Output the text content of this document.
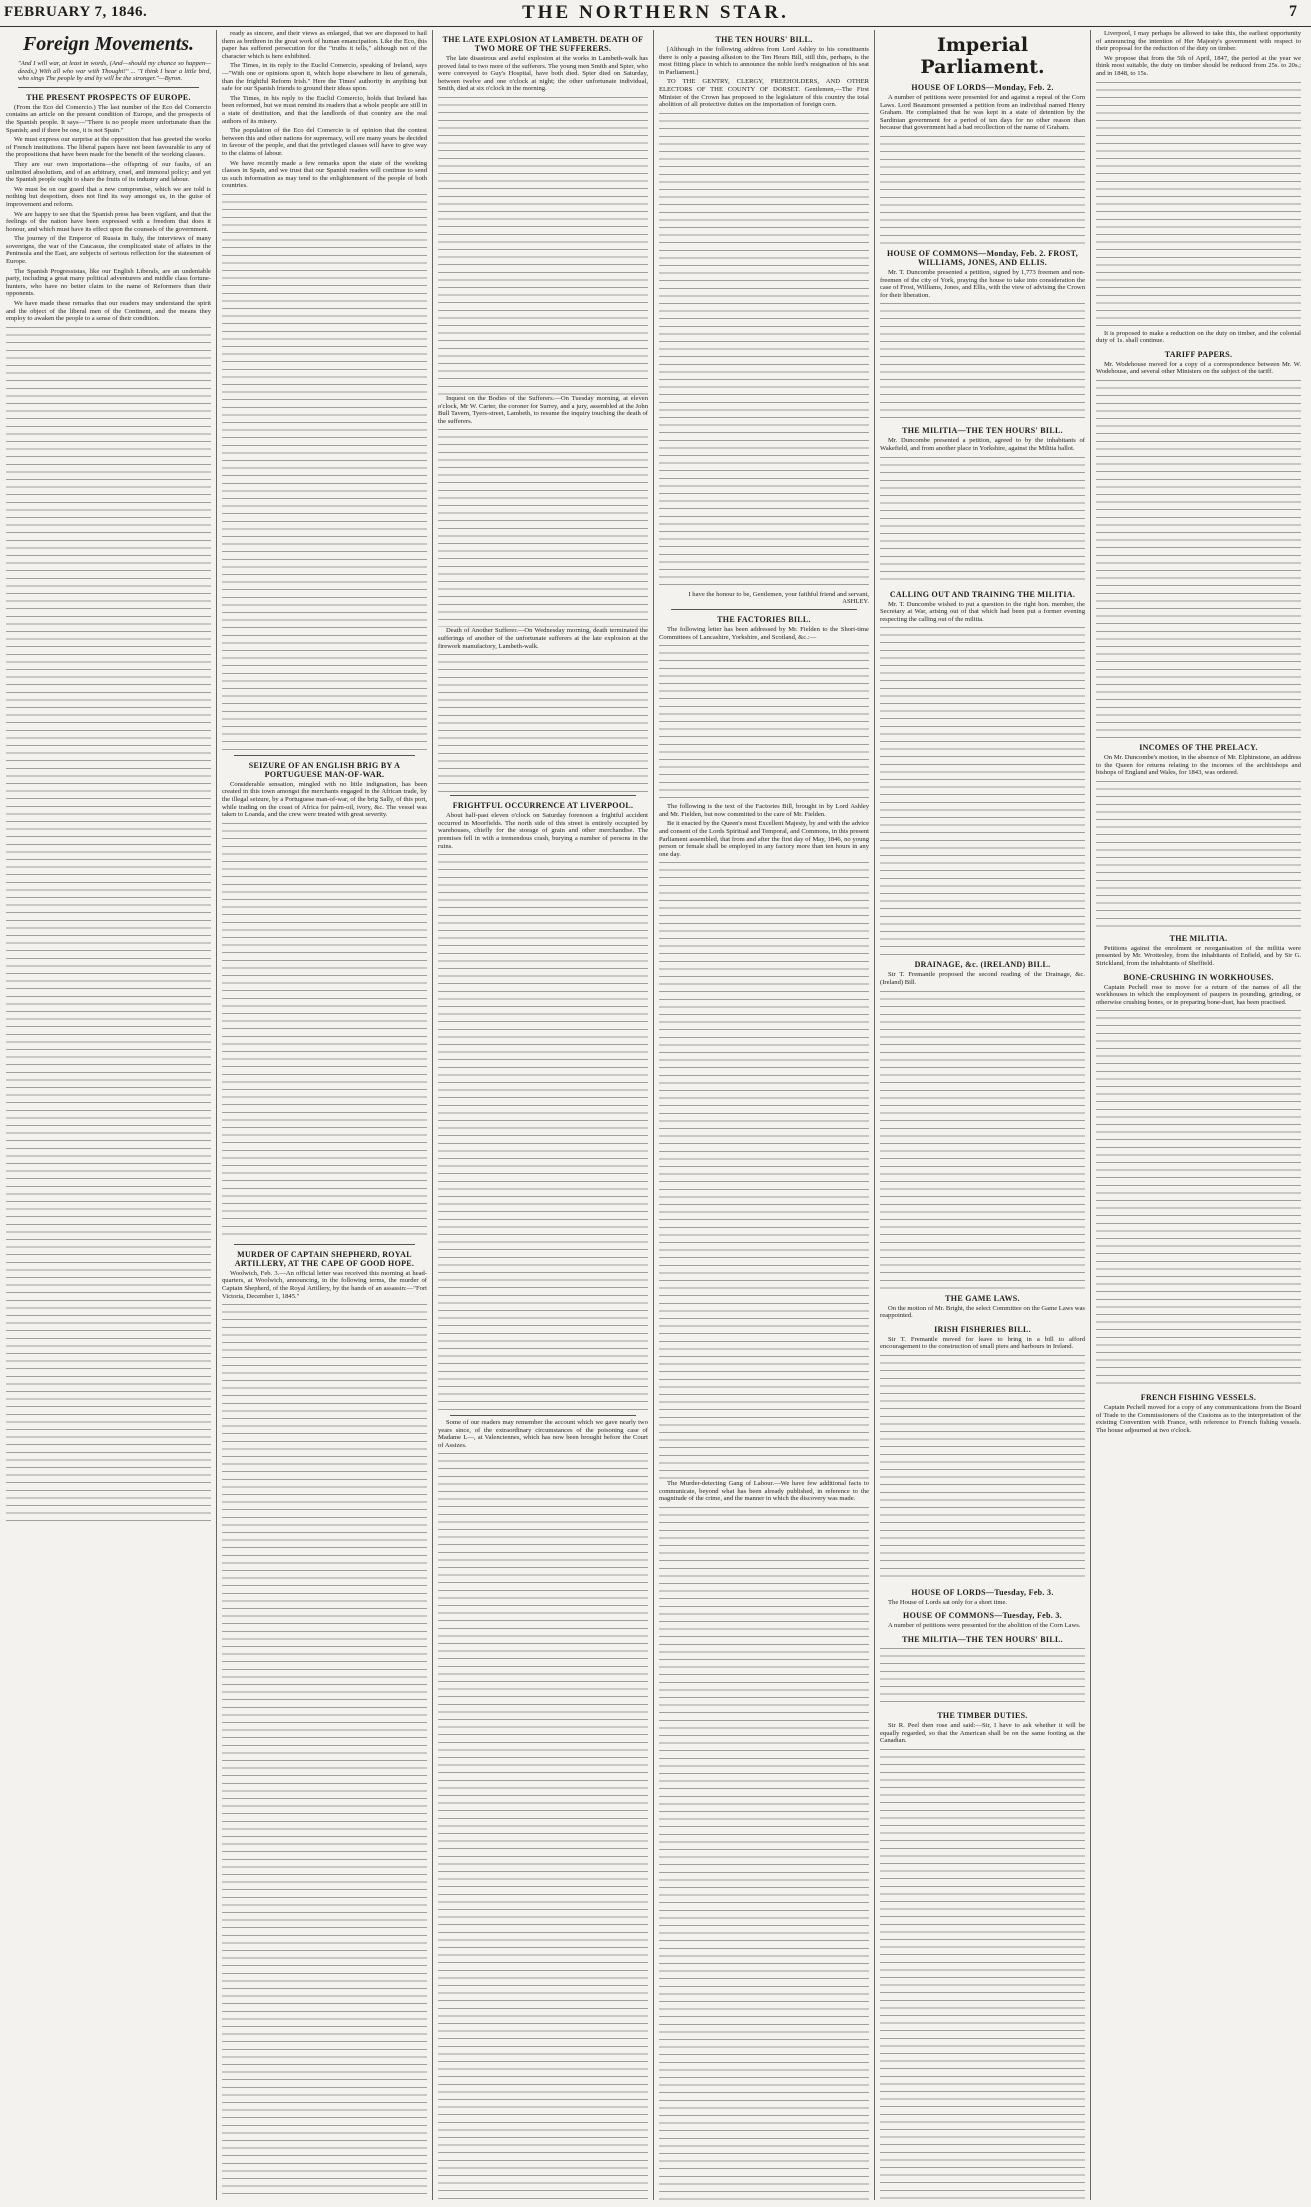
FEBRUARY 7, 1846.	THE NORTHERN STAR.	7
Foreign Movements.

"And I will war, at least in words, (And—should my chance so happen—deeds,) With all who war with Thought!" ... "I think I hear a little bird, who sings The people by and by will be the stronger."—Byron.

THE PRESENT PROSPECTS OF EUROPE.

(From the Eco del Comercio.) The last number of the Eco del Comercio contains an article on the present condition of Europe, and the prospects of the Spanish people. It says—"There is no people more unfortunate than the Spanish; and if there be one, it is not Spain."

We must express our surprise at the opposition that has greeted the works of French institutions. The liberal papers have not been favourable to any of the propositions that have been made for the benefit of the working classes.

They are our own importations—the offspring of our faults, of an unlimited absolutism, and of an arbitrary, cruel, and immoral policy; and yet the Spanish people ought to share the fruits of its industry and labour.

We must be on our guard that a new compromise, which we are told is nothing but despotism, does not find its way amongst us, in the guise of improvement and reform.

We are happy to see that the Spanish press has been vigilant, and that the feelings of the nation have been expressed with a freedom that does it honour, and which must have its effect upon the counsels of the government.

The journey of the Emperor of Russia in Italy, the interviews of many sovereigns, the war of the Caucasus, the complicated state of affairs in the Peninsula and the East, are subjects of serious reflection for the statesmen of Europe.

The Spanish Progressistas, like our English Liberals, are an undeniable party, including a great many political adventurers and middle class fortune-hunters, who have no better claim to the name of Reformers than their opponents.

We have made these remarks that our readers may understand the spirit and the object of the liberal men of the Continent, and the means they employ to awaken the people to a sense of their condition.

ready as sincere, and their views as enlarged, that we are disposed to hail them as brethren in the great work of human emancipation. Like the Eco, this paper has suffered persecution for the "truths it tells," although not of the character which is here exhibited.

The Times, in its reply to the Euclid Comercio, speaking of Ireland, says—"With one or opinions upon it, which hope elsewhere in lieu of generals, than the frightful Reform Irish." Here the Times' authority in anything but safe for our Spanish friends to ground their ideas upon.

The Times, in his reply to the Euclid Comercio, holds that Ireland has been reformed, but we must remind its readers that a whole people are still in a state of destitution, and that the landlords of that country are the real authors of its misery.

The population of the Eco del Comercio is of opinion that the contest between this and other nations for supremacy, will ere many years be decided in favour of the people, and that the privileged classes will have to give way to the claims of labour.

We have recently made a few remarks upon the state of the working classes in Spain, and we trust that our Spanish readers will continue to send us such information as may tend to the enlightenment of the people of both countries.

SEIZURE OF AN ENGLISH BRIG BY A PORTUGUESE MAN-OF-WAR.

Considerable sensation, mingled with no little indignation, has been created in this town amongst the merchants engaged in the African trade, by the illegal seizure, by a Portuguese man-of-war, of the brig Sally, of this port, while trading on the coast of Africa for palm-oil, ivory, &c. The vessel was taken to Loanda, and the crew were treated with great severity.

MURDER OF CAPTAIN SHEPHERD, ROYAL ARTILLERY, AT THE CAPE OF GOOD HOPE.

Woolwich, Feb. 3.—An official letter was received this morning at head-quarters, at Woolwich, announcing, in the following terms, the murder of Captain Shepherd, of the Royal Artillery, by the hands of an assassin:—"Fort Victoria, December 1, 1845."

THE LATE EXPLOSION AT LAMBETH. DEATH OF TWO MORE OF THE SUFFERERS.

The late disastrous and awful explosion at the works in Lambeth-walk has proved fatal to two more of the sufferers. The young men Smith and Spier, who were conveyed to Guy's Hospital, have both died. Spier died on Saturday, between twelve and one o'clock at night; the other unfortunate individual, Smith, died at six o'clock in the morning.

Inquest on the Bodies of the Sufferers.—On Tuesday morning, at eleven o'clock, Mr W. Carter, the coroner for Surrey, and a jury, assembled at the John Bull Tavern, Tyers-street, Lambeth, to resume the inquiry touching the death of the sufferers.

Death of Another Sufferer.—On Wednesday morning, death terminated the sufferings of another of the unfortunate sufferers at the late explosion at the firework manufactory, Lambeth-walk.

FRIGHTFUL OCCURRENCE AT LIVERPOOL.

About half-past eleven o'clock on Saturday forenoon a frightful accident occurred in Moorfields. The north side of this street is entirely occupied by warehouses, chiefly for the storage of grain and other merchandise. The premises fell in with a tremendous crash, burying a number of persons in the ruins.

Some of our readers may remember the account which we gave nearly two years since, of the extraordinary circumstances of the poisoning case of Madame L—, at Valenciennes, which has now been brought before the Court of Assizes.

THE TEN HOURS' BILL.

[Although in the following address from Lord Ashley to his constituents there is only a passing allusion to the Ten Hours Bill, still this, perhaps, is the most fitting place in which to announce the noble lord's resignation of his seat in Parliament.]

TO THE GENTRY, CLERGY, FREEHOLDERS, AND OTHER ELECTORS OF THE COUNTY OF DORSET. Gentlemen,—The First Minister of the Crown has proposed to the legislature of this country the total abolition of all protective duties on the importation of foreign corn.

I have the honour to be, Gentlemen, your faithful friend and servant, ASHLEY.

THE FACTORIES BILL.

The following letter has been addressed by Mr. Fielden to the Short-time Committees of Lancashire, Yorkshire, and Scotland, &c.:—

The following is the text of the Factories Bill, brought in by Lord Ashley and Mr. Fielden, but now committed to the care of Mr. Fielden.

Be it enacted by the Queen's most Excellent Majesty, by and with the advice and consent of the Lords Spiritual and Temporal, and Commons, in this present Parliament assembled, that from and after the first day of May, 1846, no young person or female shall be employed in any factory more than ten hours in any one day.

The Murder-detecting Gang of Labour.—We have few additional facts to communicate, beyond what has been already published, in reference to the magnitude of the crime, and the manner in which the discovery was made.

Imperial Parliament.

HOUSE OF LORDS—Monday, Feb. 2.

A number of petitions were presented for and against a repeal of the Corn Laws. Lord Beaumont presented a petition from an individual named Henry Graham. He complained that he was kept in a state of detention by the Sardinian government for a period of ten days for no other reason than because that government had a bad recollection of the name of Graham.

HOUSE OF COMMONS—Monday, Feb. 2. FROST, WILLIAMS, JONES, AND ELLIS.

Mr. T. Duncombe presented a petition, signed by 1,773 freemen and non-freemen of the city of York, praying the house to take into consideration the case of Frost, Williams, Jones, and Ellis, with the view of advising the Crown for their liberation.

THE MILITIA—THE TEN HOURS' BILL.

Mr. Duncombe presented a petition, agreed to by the inhabitants of Wakefield, and from another place in Yorkshire, against the Militia ballot.

CALLING OUT AND TRAINING THE MILITIA.

Mr. T. Duncombe wished to put a question to the right hon. member, the Secretary at War, arising out of that which had been put a former evening respecting the calling out of the militia.

DRAINAGE, &c. (IRELAND) BILL.

Sir T. Fremantle proposed the second reading of the Drainage, &c. (Ireland) Bill.

THE GAME LAWS.

On the motion of Mr. Bright, the select Committee on the Game Laws was reappointed.

IRISH FISHERIES BILL.

Sir T. Fremantle moved for leave to bring in a bill to afford encouragement to the construction of small piers and harbours in Ireland.

HOUSE OF LORDS—Tuesday, Feb. 3.

The House of Lords sat only for a short time.

HOUSE OF COMMONS—Tuesday, Feb. 3.

A number of petitions were presented for the abolition of the Corn Laws.

THE MILITIA—THE TEN HOURS' BILL.

THE TIMBER DUTIES.

Sir R. Peel then rose and said:—Sir, I have to ask whether it will be equally regarded, so that the American shall be on the same footing as the Canadian.

Liverpool, I may perhaps be allowed to take this, the earliest opportunity of announcing the intention of Her Majesty's government with respect to their proposal for the reduction of the duty on timber.

We propose that from the 5th of April, 1847, the period at the year we think most suitable, the duty on timber should be reduced from 25s. to 20s.; and in 1848, to 15s.

It is proposed to make a reduction on the duty on timber, and the colonial duty of 1s. shall continue.

TARIFF PAPERS.

Mr. Wodehouse moved for a copy of a correspondence between Mr. W. Wodehouse, and several other Ministers on the subject of the tariff.

INCOMES OF THE PRELACY.

On Mr. Duncombe's motion, in the absence of Mr. Elphinstone, an address to the Queen for returns relating to the incomes of the archbishops and bishops of England and Wales, for 1843, was ordered.

THE MILITIA.

Petitions against the enrolment or reorganisation of the militia were presented by Mr. Wrottesley, from the inhabitants of Enfield, and by Sir G. Strickland, from the inhabitants of Sheffield.

BONE-CRUSHING IN WORKHOUSES.

Captain Pechell rose to move for a return of the names of all the workhouses in which the employment of paupers in pounding, grinding, or otherwise crushing bones, or in preparing bone-dust, has been practised.

FRENCH FISHING VESSELS.

Captain Pechell moved for a copy of any communications from the Board of Trade to the Commissioners of the Customs as to the interpretation of the existing Convention with France, with reference to French fishing vessels. The house adjourned at two o'clock.
